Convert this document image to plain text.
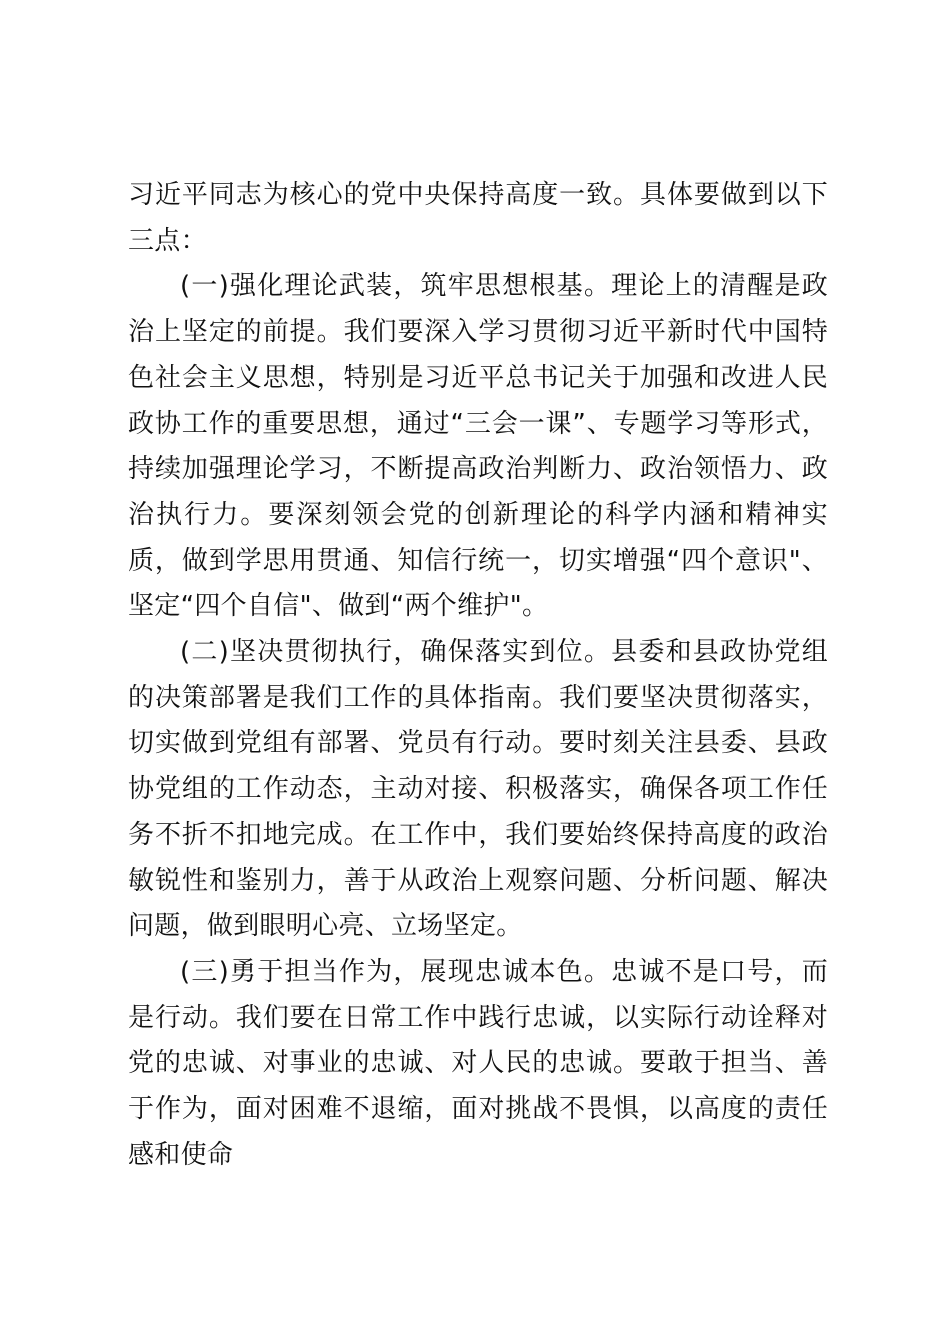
习近平同志为核心的党中央保持高度一致。具体要做到以下三点：

(一)强化理论武装，筑牢思想根基。理论上的清醒是政治上坚定的前提。我们要深入学习贯彻习近平新时代中国特色社会主义思想，特别是习近平总书记关于加强和改进人民政协工作的重要思想，通过“三会一课”、专题学习等形式，持续加强理论学习，不断提高政治判断力、政治领悟力、政治执行力。要深刻领会党的创新理论的科学内涵和精神实质，做到学思用贯通、知信行统一，切实增强“四个意识"、坚定“四个自信"、做到“两个维护"。

(二)坚决贯彻执行，确保落实到位。县委和县政协党组的决策部署是我们工作的具体指南。我们要坚决贯彻落实，切实做到党组有部署、党员有行动。要时刻关注县委、县政协党组的工作动态，主动对接、积极落实，确保各项工作任务不折不扣地完成。在工作中，我们要始终保持高度的政治敏锐性和鉴别力，善于从政治上观察问题、分析问题、解决问题，做到眼明心亮、立场坚定。

(三)勇于担当作为，展现忠诚本色。忠诚不是口号，而是行动。我们要在日常工作中践行忠诚，以实际行动诠释对党的忠诚、对事业的忠诚、对人民的忠诚。要敢于担当、善于作为，面对困难不退缩，面对挑战不畏惧，以高度的责任感和使命
